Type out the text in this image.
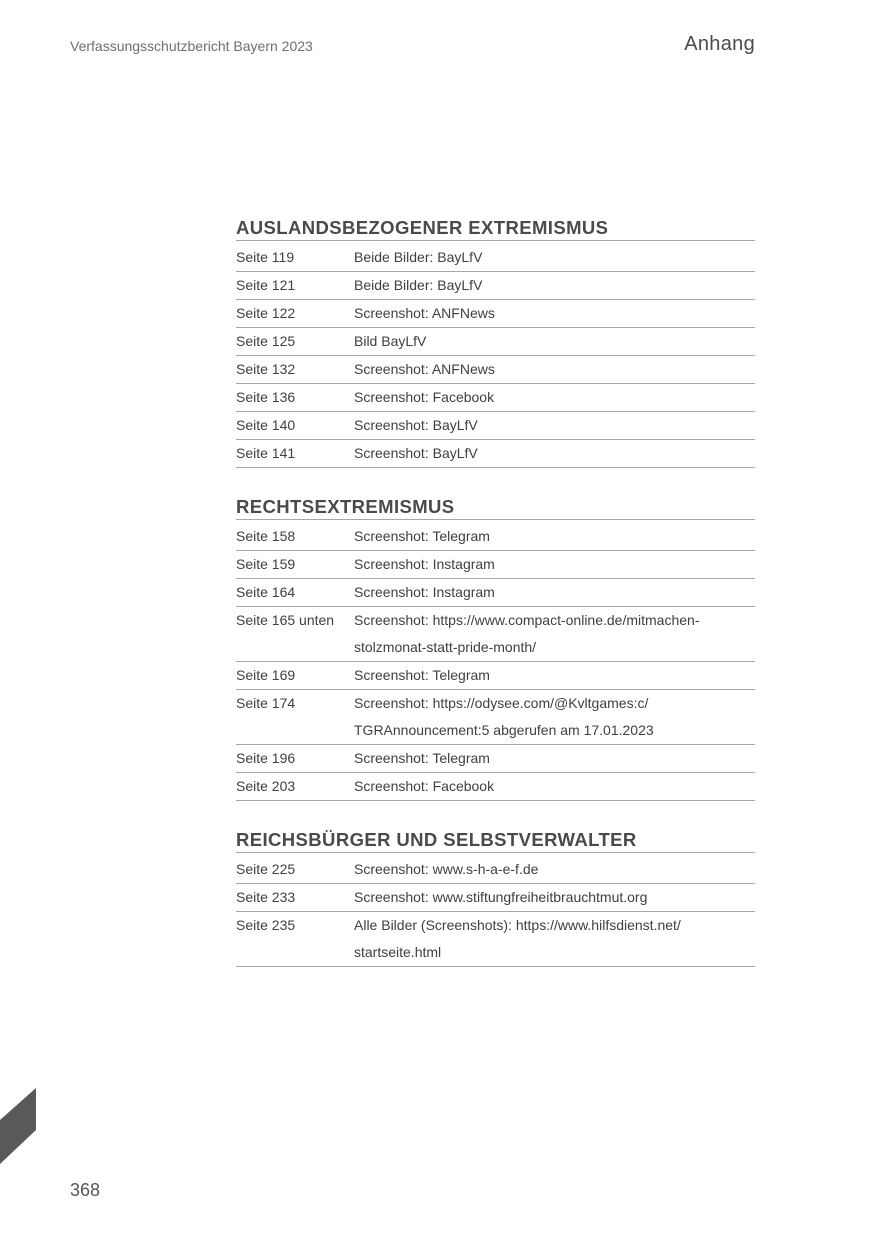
Verfassungsschutzbericht Bayern 2023	Anhang
AUSLANDSBEZOGENER EXTREMISMUS
Seite 119	Beide Bilder: BayLfV
Seite 121	Beide Bilder: BayLfV
Seite 122	Screenshot: ANFNews
Seite 125	Bild BayLfV
Seite 132	Screenshot: ANFNews
Seite 136	Screenshot: Facebook
Seite 140	Screenshot: BayLfV
Seite 141	Screenshot: BayLfV
RECHTSEXTREMISMUS
Seite 158	Screenshot: Telegram
Seite 159	Screenshot: Instagram
Seite 164	Screenshot: Instagram
Seite 165 unten	Screenshot: https://www.compact-online.de/mitmachen-
stolzmonat-statt-pride-month/
Seite 169	Screenshot: Telegram
Seite 174	Screenshot: https://odysee.com/@Kvltgames:c/
TGRAnnouncement:5 abgerufen am 17.01.2023
Seite 196	Screenshot: Telegram
Seite 203	Screenshot: Facebook
REICHSBÜRGER UND SELBSTVERWALTER
Seite 225	Screenshot: www.s-h-a-e-f.de
Seite 233	Screenshot: www.stiftungfreiheitbrauchtmut.org
Seite 235	Alle Bilder (Screenshots): https://www.hilfsdienst.net/
startseite.html
368
